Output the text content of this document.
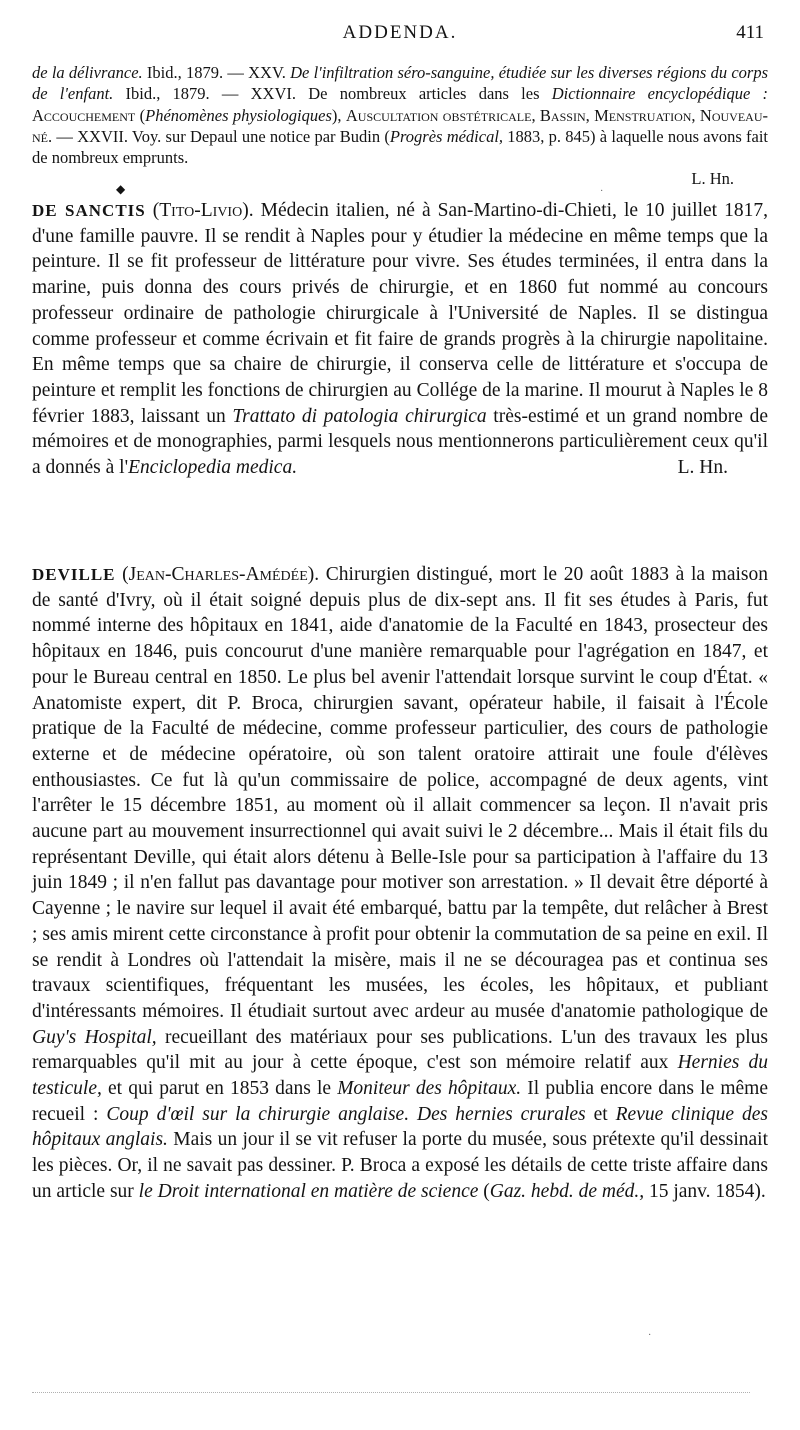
ADDENDA.	411

de la délivrance. Ibid., 1879. — XXV. De l'infiltration séro-sanguine, étudiée sur les diverses régions du corps de l'enfant. Ibid., 1879. — XXVI. De nombreux articles dans les Dictionnaire encyclopédique : Accouchement (Phénomènes physiologiques), Auscultation obstétricale, Bassin, Menstruation, Nouveau-né. — XXVII. Voy. sur Depaul une notice par Budin (Progrès médical, 1883, p. 845) à laquelle nous avons fait de nombreux emprunts.

L. Hn.
◆	·

DE SANCTIS (Tito-Livio). Médecin italien, né à San-Martino-di-Chieti, le 10 juillet 1817, d'une famille pauvre. Il se rendit à Naples pour y étudier la médecine en même temps que la peinture. Il se fit professeur de littérature pour vivre. Ses études terminées, il entra dans la marine, puis donna des cours privés de chirurgie, et en 1860 fut nommé au concours professeur ordinaire de pathologie chirurgicale à l'Université de Naples. Il se distingua comme professeur et comme écrivain et fit faire de grands progrès à la chirurgie napolitaine. En même temps que sa chaire de chirurgie, il conserva celle de littérature et s'occupa de peinture et remplit les fonctions de chirurgien au Collége de la marine. Il mourut à Naples le 8 février 1883, laissant un Trattato di patologia chirurgica très-estimé et un grand nombre de mémoires et de monographies, parmi lesquels nous mentionnerons particulièrement ceux qu'il a donnés à l'Enciclopedia medica.	L. Hn.

DEVILLE (Jean-Charles-Amédée). Chirurgien distingué, mort le 20 août 1883 à la maison de santé d'Ivry, où il était soigné depuis plus de dix-sept ans. Il fit ses études à Paris, fut nommé interne des hôpitaux en 1841, aide d'anatomie de la Faculté en 1843, prosecteur des hôpitaux en 1846, puis concourut d'une manière remarquable pour l'agrégation en 1847, et pour le Bureau central en 1850. Le plus bel avenir l'attendait lorsque survint le coup d'État. « Anatomiste expert, dit P. Broca, chirurgien savant, opérateur habile, il faisait à l'École pratique de la Faculté de médecine, comme professeur particulier, des cours de pathologie externe et de médecine opératoire, où son talent oratoire attirait une foule d'élèves enthousiastes. Ce fut là qu'un commissaire de police, accompagné de deux agents, vint l'arrêter le 15 décembre 1851, au moment où il allait commencer sa leçon. Il n'avait pris aucune part au mouvement insurrectionnel qui avait suivi le 2 décembre... Mais il était fils du représentant Deville, qui était alors détenu à Belle-Isle pour sa participation à l'affaire du 13 juin 1849 ; il n'en fallut pas davantage pour motiver son arrestation. » Il devait être déporté à Cayenne ; le navire sur lequel il avait été embarqué, battu par la tempête, dut relâcher à Brest ; ses amis mirent cette circonstance à profit pour obtenir la commutation de sa peine en exil. Il se rendit à Londres où l'attendait la misère, mais il ne se découragea pas et continua ses travaux scientifiques, fréquentant les musées, les écoles, les hôpitaux, et publiant d'intéressants mémoires. Il étudiait surtout avec ardeur au musée d'anatomie pathologique de Guy's Hospital, recueillant des matériaux pour ses publications. L'un des travaux les plus remarquables qu'il mit au jour à cette époque, c'est son mémoire relatif aux Hernies du testicule, et qui parut en 1853 dans le Moniteur des hôpitaux. Il publia encore dans le même recueil : Coup d'œil sur la chirurgie anglaise. Des hernies crurales et Revue clinique des hôpitaux anglais. Mais un jour il se vit refuser la porte du musée, sous prétexte qu'il dessinait les pièces. Or, il ne savait pas dessiner. P. Broca a exposé les détails de cette triste affaire dans un article sur le Droit international en matière de science (Gaz. hebd. de méd., 15 janv. 1854).

·
